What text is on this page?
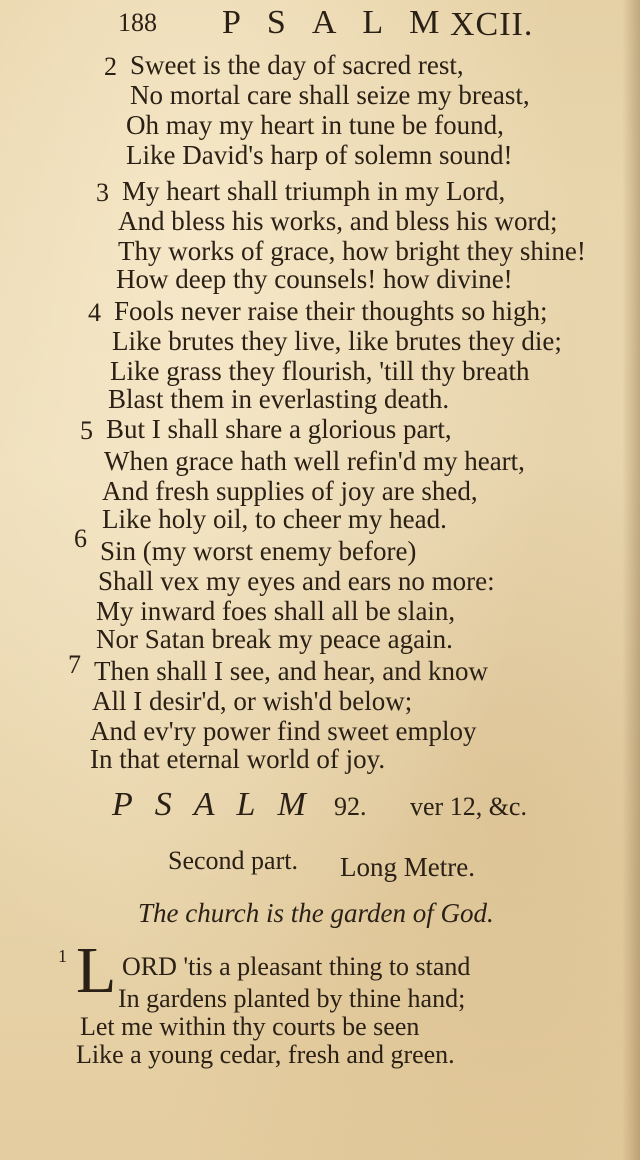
188 PSALM
XCII.
2 Sweet is the day of sacred rest,
No mortal care shall seize my breast,
Oh may my heart in tune be found,
Like David's harp of solemn sound!
3 My heart shall triumph in my Lord,
And bless his works, and bless his word;
Thy works of grace, how bright they shine!
How deep thy counsels! how divine!
4 Fools never raise their thoughts so high;
Like brutes they live, like brutes they die;
Like grass they flourish, 'till thy breath
Blast them in everlasting death.
5 But I shall share a glorious part,
When grace hath well refin'd my heart,
And fresh supplies of joy are shed,
Like holy oil, to cheer my head.
6 Sin (my worst enemy before)
Shall vex my eyes and ears no more:
My inward foes shall all be slain,
Nor Satan break my peace again.
7 Then shall I see, and hear, and know
All I desir'd, or wish'd below;
And ev'ry power find sweet employ
In that eternal world of joy.
PSALM 92. ver 12, &c.
Second part. Long Metre.
The church is the garden of God.
1 L ORD 'tis a pleasant thing to stand
In gardens planted by thine hand;
Let me within thy courts be seen
Like a young cedar, fresh and green.
